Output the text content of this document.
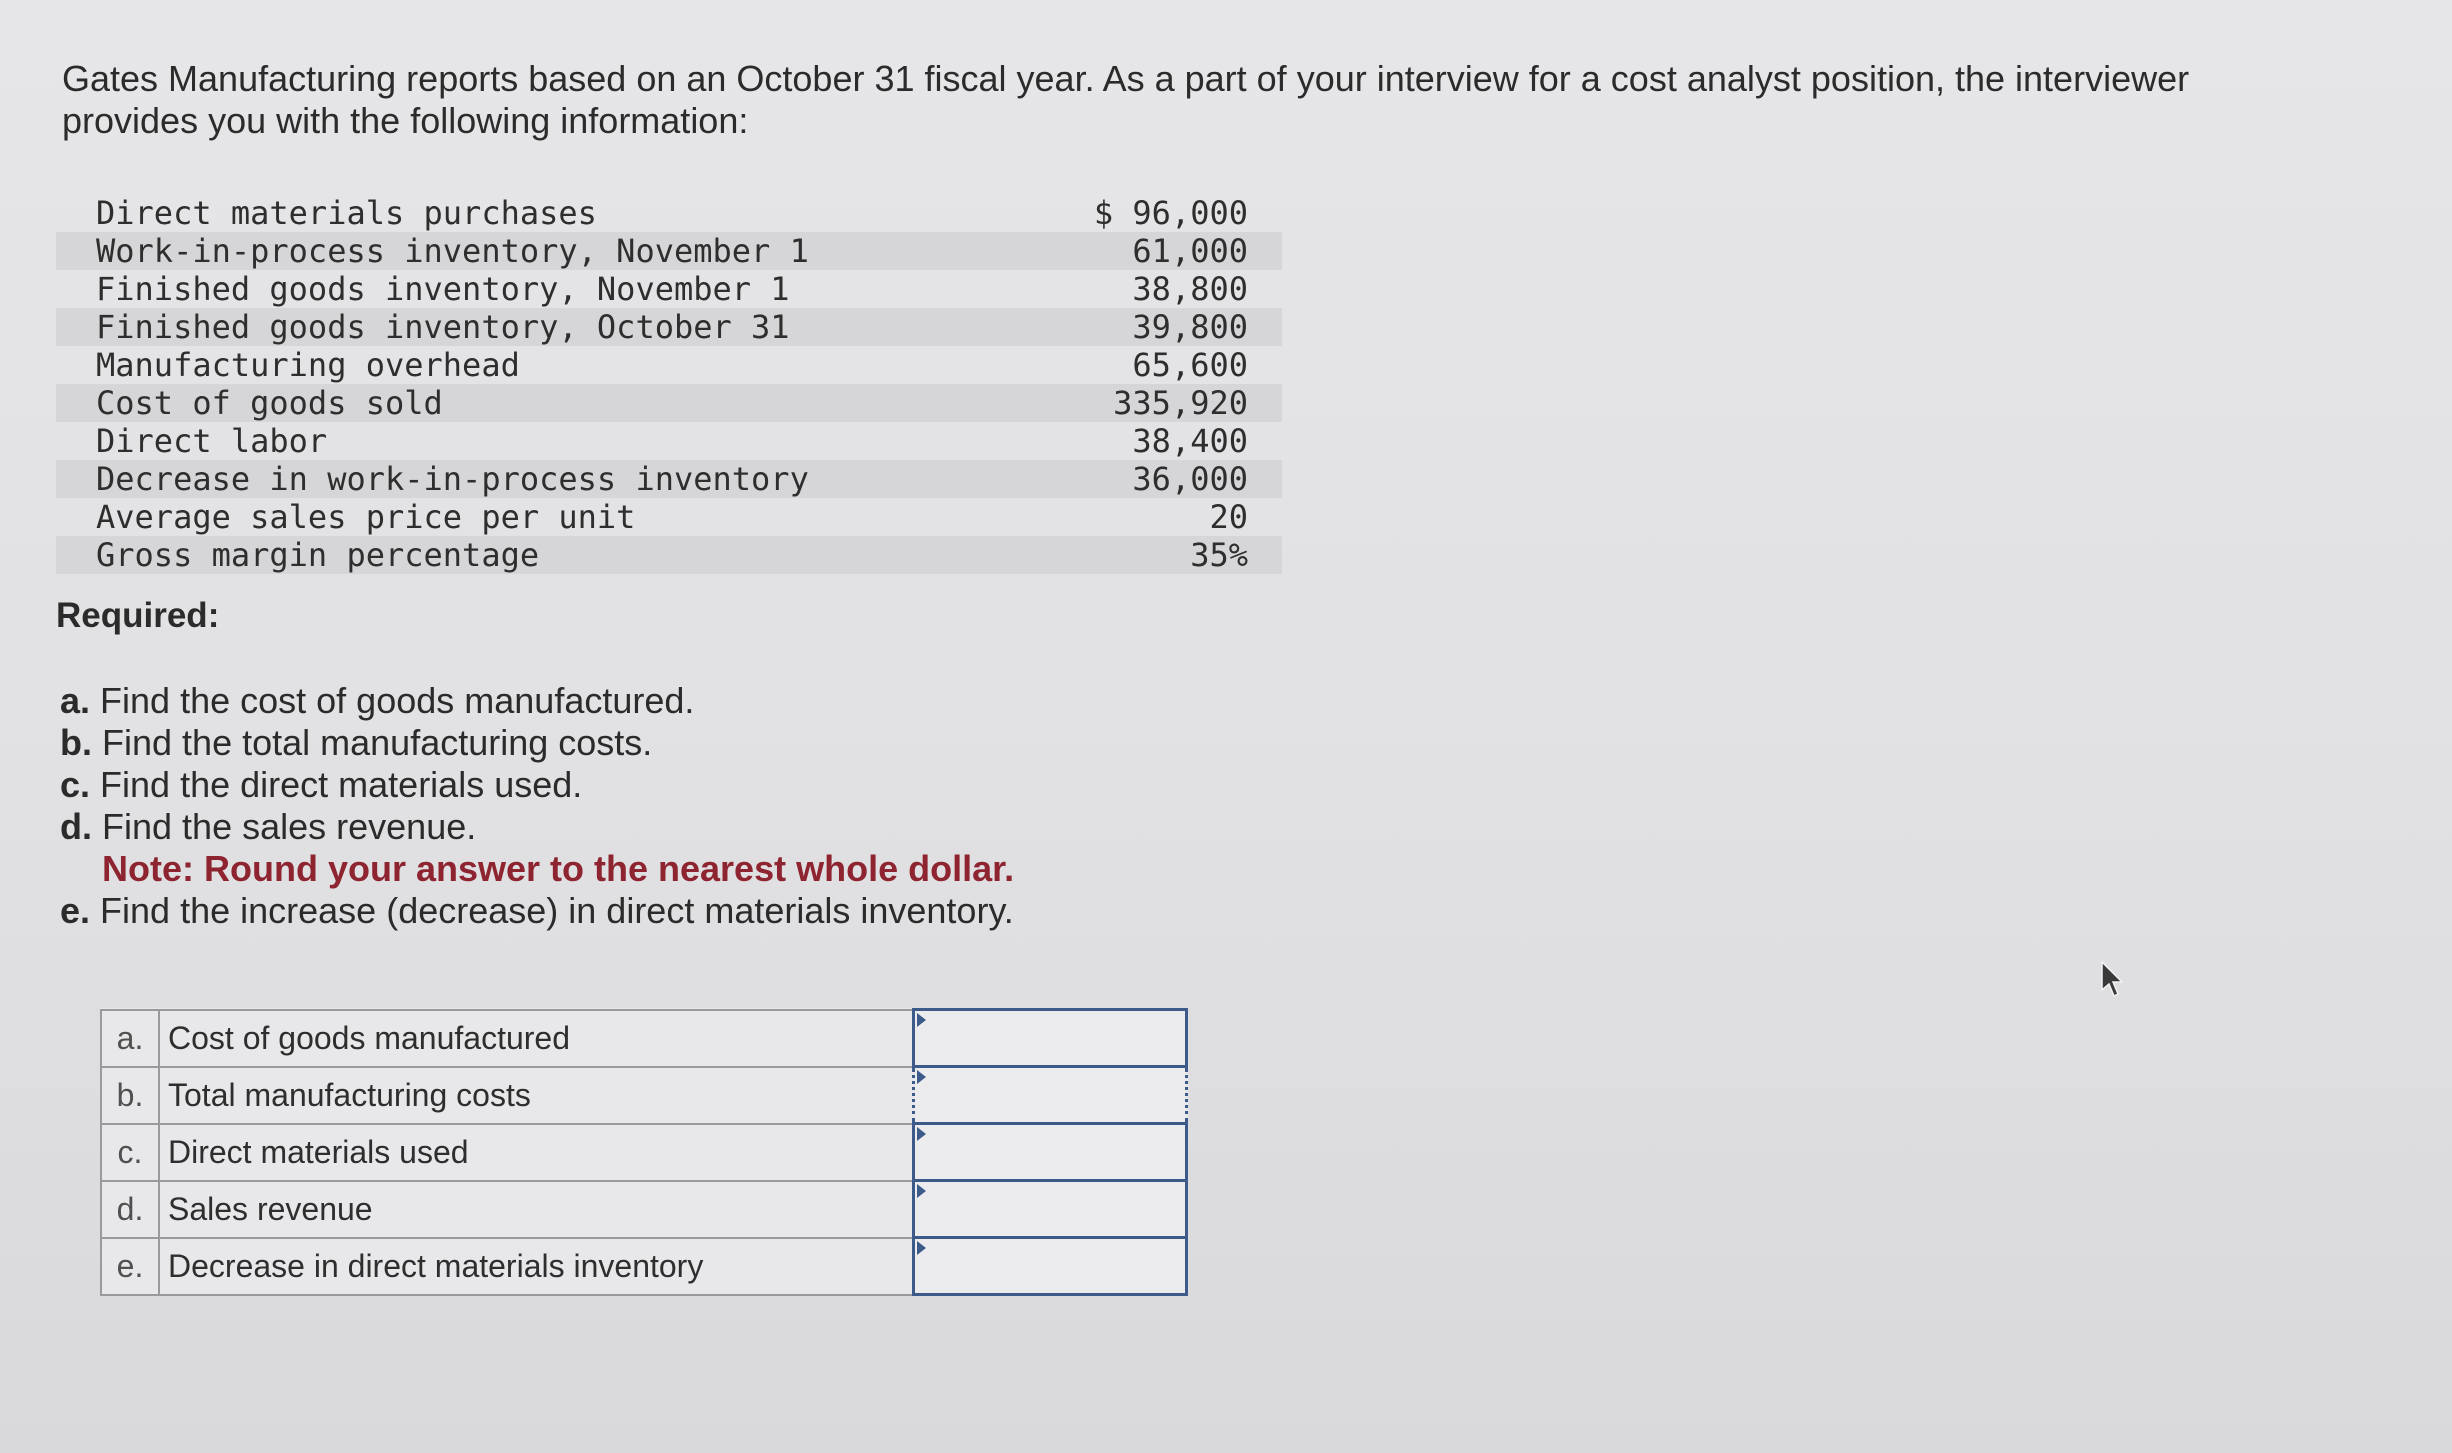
Gates Manufacturing reports based on an October 31 fiscal year. As a part of your interview for a cost analyst position, the interviewer provides you with the following information:

Direct materials purchases	$ 96,000
Work-in-process inventory, November 1	61,000
Finished goods inventory, November 1	38,800
Finished goods inventory, October 31	39,800
Manufacturing overhead	65,600
Cost of goods sold	335,920
Direct labor	38,400
Decrease in work-in-process inventory	36,000
Average sales price per unit	20
Gross margin percentage	35%
Required:
a. Find the cost of goods manufactured.
b. Find the total manufacturing costs.
c. Find the direct materials used.
d. Find the sales revenue.
Note: Round your answer to the nearest whole dollar.
e. Find the increase (decrease) in direct materials inventory.
a.	Cost of goods manufactured	
b.	Total manufacturing costs	
c.	Direct materials used	
d.	Sales revenue	
e.	Decrease in direct materials inventory	
